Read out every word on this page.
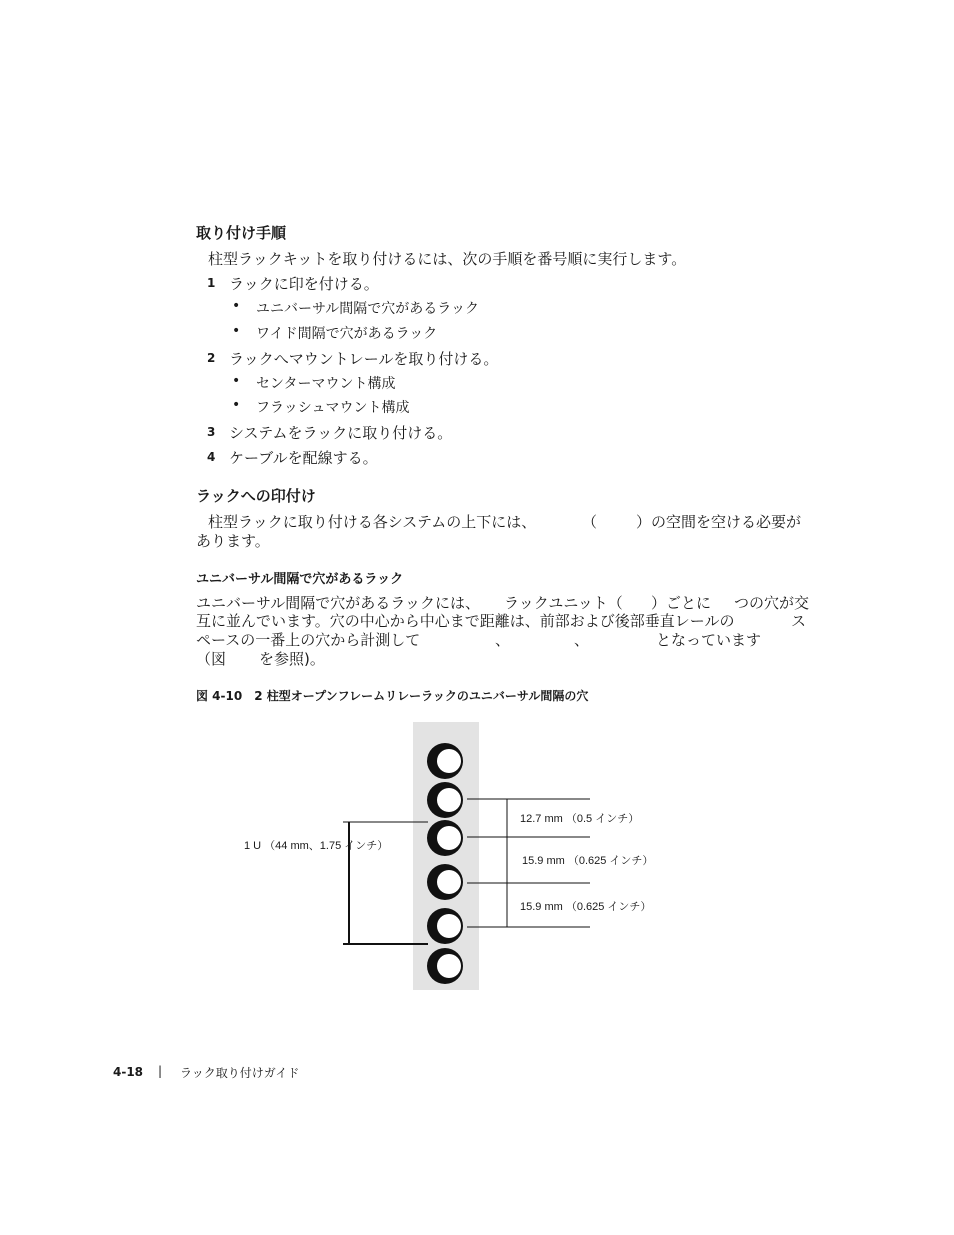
取り付け手順
柱型ラックキットを取り付けるには、次の手順を番号順に実行します。
1 ラックに印を付ける。
• ユニバーサル間隔で穴があるラック
• ワイド間隔で穴があるラック
2 ラックへマウントレールを取り付ける。
• センターマウント構成
• フラッシュマウント構成
3 システムをラックに取り付ける。
4 ケーブルを配線する。
ラックへの印付け
柱型ラックに取り付ける各システムの上下には、	（	）の空間を空ける必要が
あります。
ユニバーサル間隔で穴があるラック
ユニバーサル間隔で穴があるラックには、 ラックユニット（ ）ごとに つの穴が交
互に並んでいます。穴の中心から中心まで距離は、前部および後部垂直レールの	ス
ペースの一番上の穴から計測して	、	、	となっています
（図 を参照)。
図 4-10　2 柱型オープンフレームリレーラックのユニバーサル間隔の穴
1 U （44 mm、1.75 インチ）
12.7 mm （0.5 インチ）
15.9 mm （0.625 インチ）
15.9 mm （0.625 インチ）
4-18 | ラック取り付けガイド
